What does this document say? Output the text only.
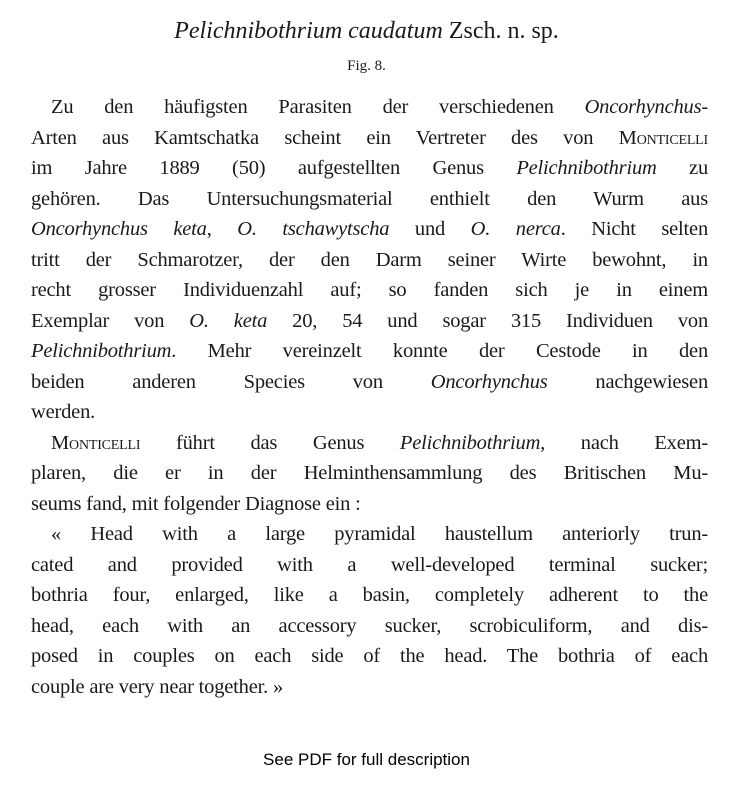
Pelichnibothrium caudatum Zsch. n. sp.
Fig. 8.
Zu den häufigsten Parasiten der verschiedenen Oncorhynchus-
Arten aus Kamtschatka scheint ein Vertreter des von Monticelli
im Jahre 1889 (50) aufgestellten Genus Pelichnibothrium zu
gehören. Das Untersuchungsmaterial enthielt den Wurm aus
Oncorhynchus keta, O. tschawytscha und O. nerca. Nicht selten
tritt der Schmarotzer, der den Darm seiner Wirte bewohnt, in
recht grosser Individuenzahl auf; so fanden sich je in einem
Exemplar von O. keta 20, 54 und sogar 315 Individuen von
Pelichnibothrium. Mehr vereinzelt konnte der Cestode in den
beiden anderen Species von Oncorhynchus nachgewiesen
werden.
Monticelli führt das Genus Pelichnibothrium, nach Exem-
plaren, die er in der Helminthensammlung des Britischen Mu-
seums fand, mit folgender Diagnose ein :
« Head with a large pyramidal haustellum anteriorly trun-
cated and provided with a well-developed terminal sucker;
bothria four, enlarged, like a basin, completely adherent to the
head, each with an accessory sucker, scrobiculiform, and dis-
posed in couples on each side of the head. The bothria of each
couple are very near together. »
See PDF for full description
